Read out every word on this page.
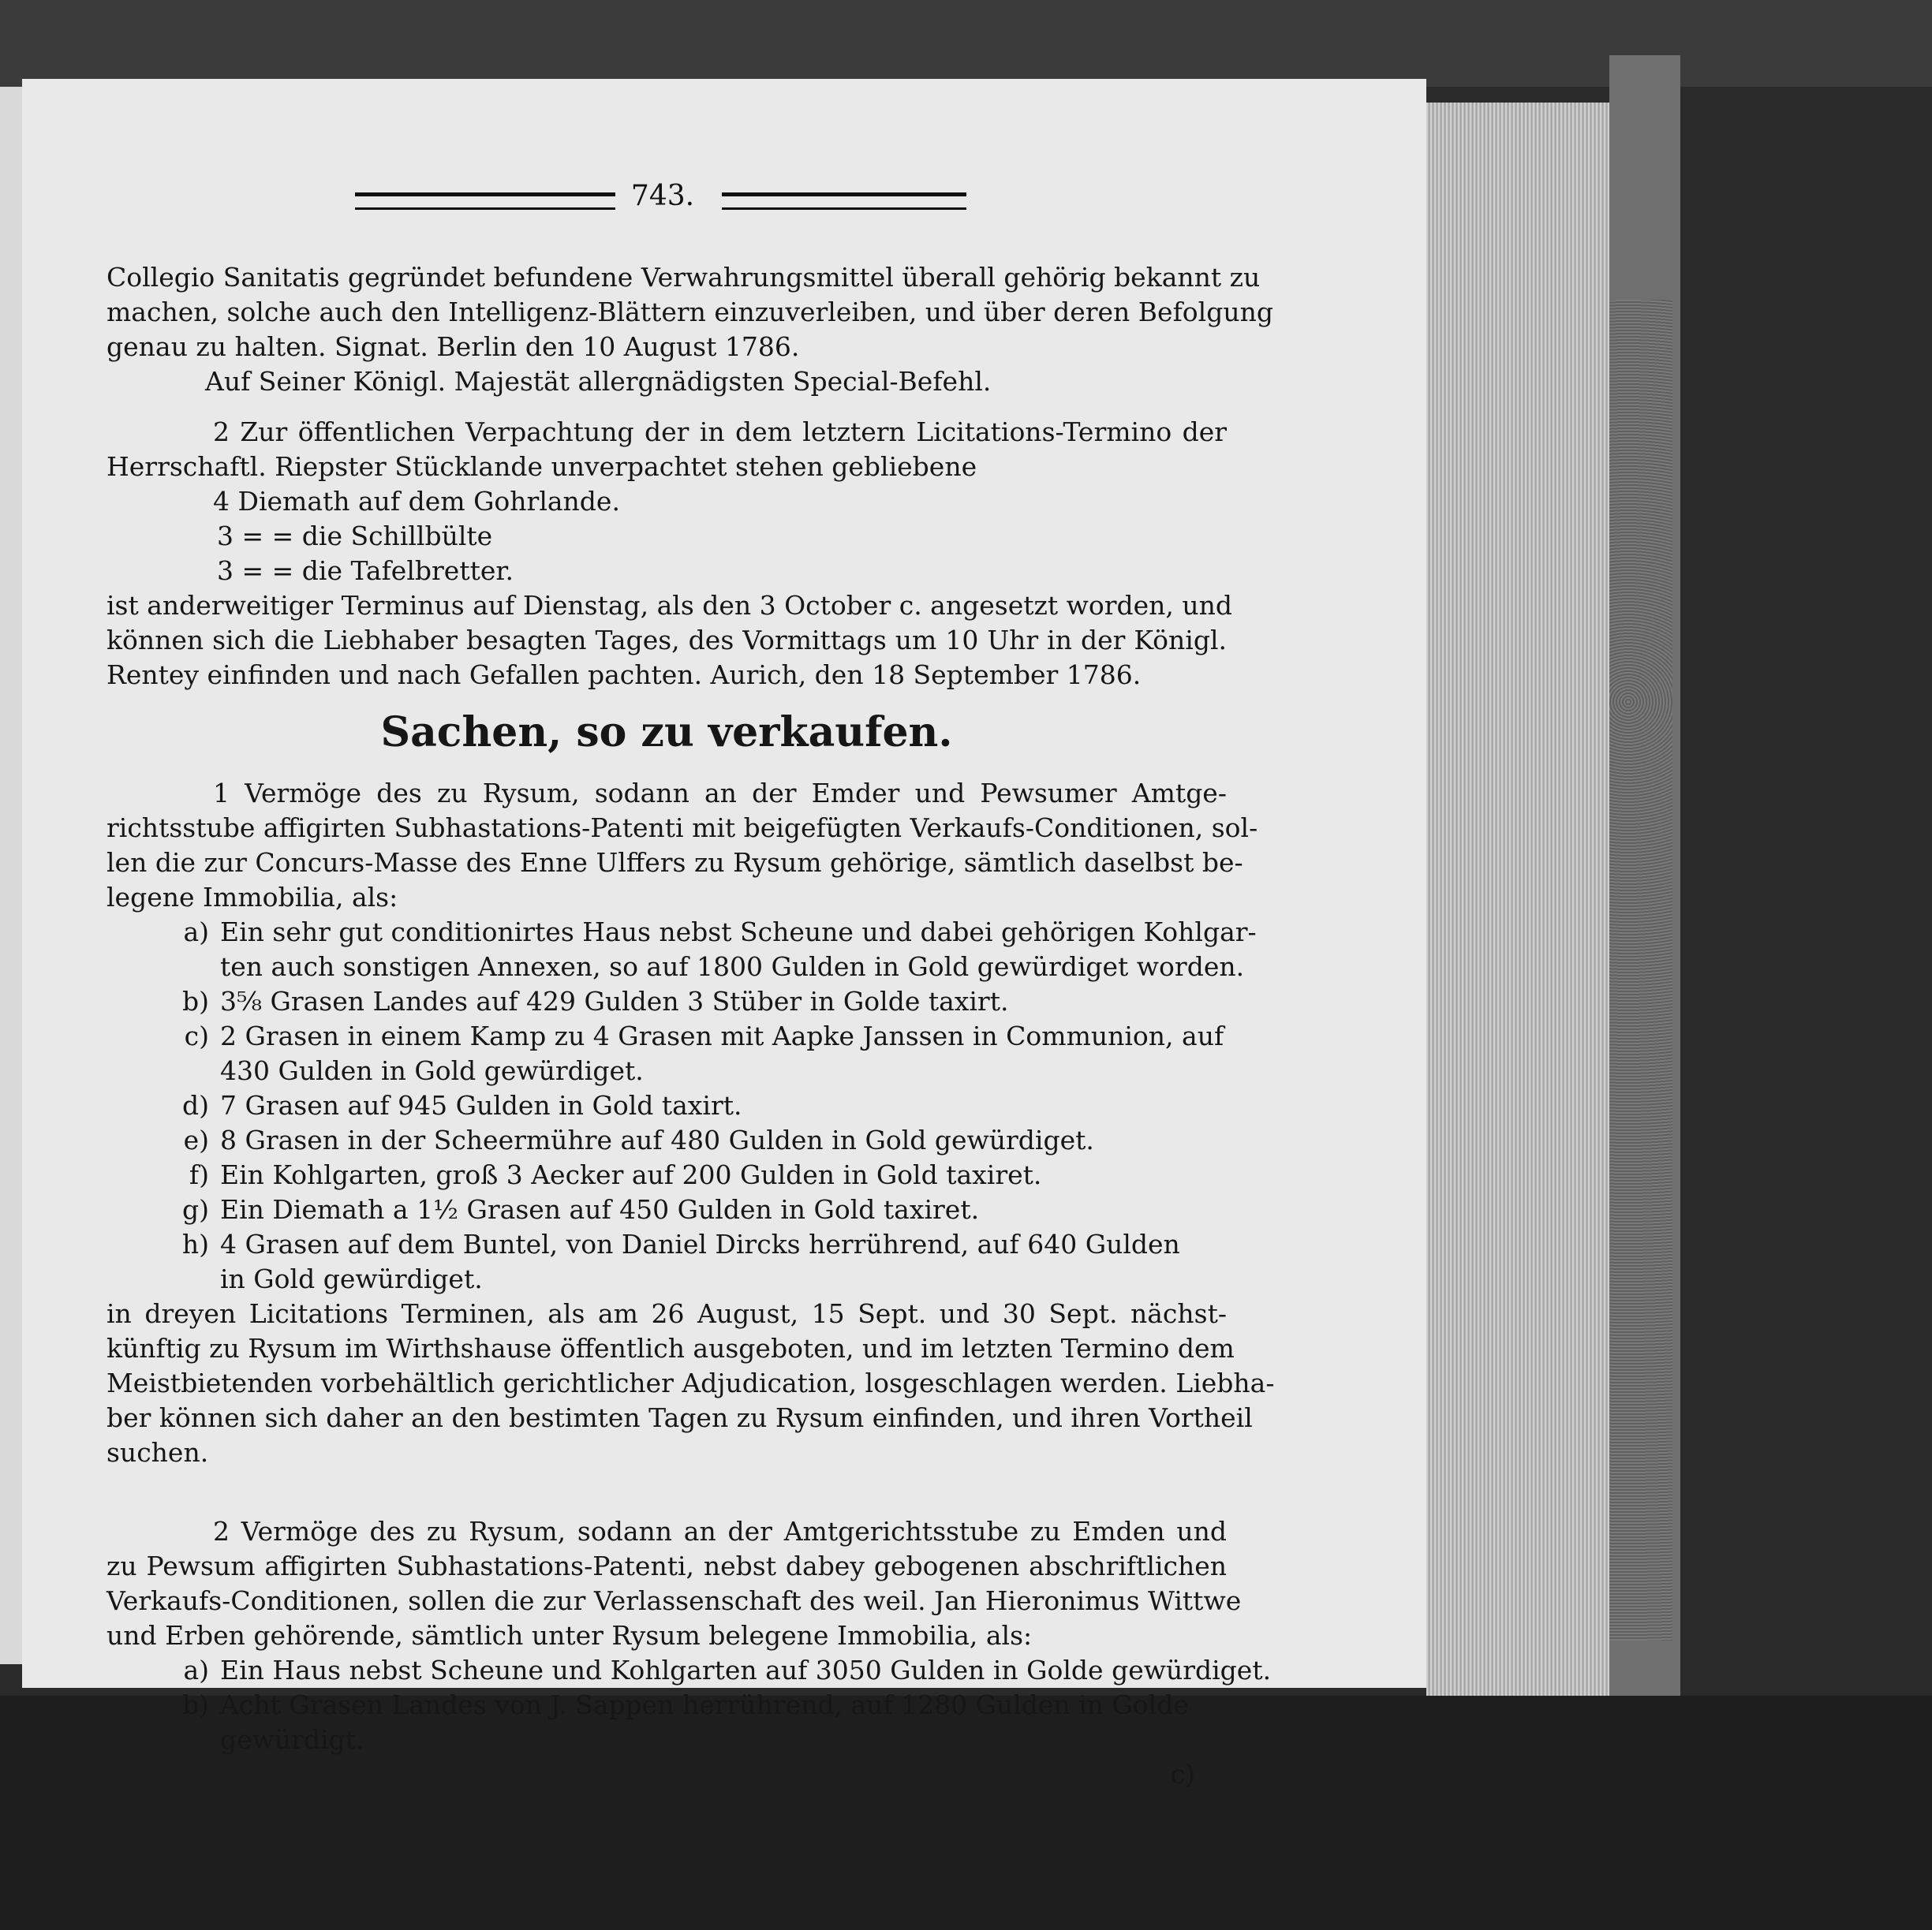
743.
Collegio Sanitatis gegründet befundene Verwahrungsmittel überall gehörig bekannt zu
machen, solche auch den Intelligenz-Blättern einzuverleiben, und über deren Befolgung
genau zu halten. Signat. Berlin den 10 August 1786.
Auf Seiner Königl. Majestät allergnädigsten Special-Befehl.
2 Zur öffentlichen Verpachtung der in dem letztern Licitations-Termino der
Herrschaftl. Riepster Stücklande unverpachtet stehen gebliebene
4 Diemath auf dem Gohrlande.
3 = = die Schillbülte
3 = = die Tafelbretter.
ist anderweitiger Terminus auf Dienstag, als den 3 October c. angesetzt worden, und
können sich die Liebhaber besagten Tages, des Vormittags um 10 Uhr in der Königl.
Rentey einfinden und nach Gefallen pachten. Aurich, den 18 September 1786.
Sachen, so zu verkaufen.
1 Vermöge des zu Rysum, sodann an der Emder und Pewsumer Amtge-
richtsstube affigirten Subhastations-Patenti mit beigefügten Verkaufs-Conditionen, sol-
len die zur Concurs-Masse des Enne Ulffers zu Rysum gehörige, sämtlich daselbst be-
legene Immobilia, als:
a) Ein sehr gut conditionirtes Haus nebst Scheune und dabei gehörigen Kohlgar-
ten auch sonstigen Annexen, so auf 1800 Gulden in Gold gewürdiget worden.
b) 3⅝ Grasen Landes auf 429 Gulden 3 Stüber in Golde taxirt.
c) 2 Grasen in einem Kamp zu 4 Grasen mit Aapke Janssen in Communion, auf
430 Gulden in Gold gewürdiget.
d) 7 Grasen auf 945 Gulden in Gold taxirt.
e) 8 Grasen in der Scheermühre auf 480 Gulden in Gold gewürdiget.
f) Ein Kohlgarten, groß 3 Aecker auf 200 Gulden in Gold taxiret.
g) Ein Diemath a 1½ Grasen auf 450 Gulden in Gold taxiret.
h) 4 Grasen auf dem Buntel, von Daniel Dircks herrührend, auf 640 Gulden
in Gold gewürdiget.
in dreyen Licitations Terminen, als am 26 August, 15 Sept. und 30 Sept. nächst-
künftig zu Rysum im Wirthshause öffentlich ausgeboten, und im letzten Termino dem
Meistbietenden vorbehältlich gerichtlicher Adjudication, losgeschlagen werden. Liebha-
ber können sich daher an den bestimten Tagen zu Rysum einfinden, und ihren Vortheil
suchen.
2 Vermöge des zu Rysum, sodann an der Amtgerichtsstube zu Emden und
zu Pewsum affigirten Subhastations-Patenti, nebst dabey gebogenen abschriftlichen
Verkaufs-Conditionen, sollen die zur Verlassenschaft des weil. Jan Hieronimus Wittwe
und Erben gehörende, sämtlich unter Rysum belegene Immobilia, als:
a) Ein Haus nebst Scheune und Kohlgarten auf 3050 Gulden in Golde gewürdiget.
b) Acht Grasen Landes von J. Sappen herrührend, auf 1280 Gulden in Golde
gewürdigt.
c)
